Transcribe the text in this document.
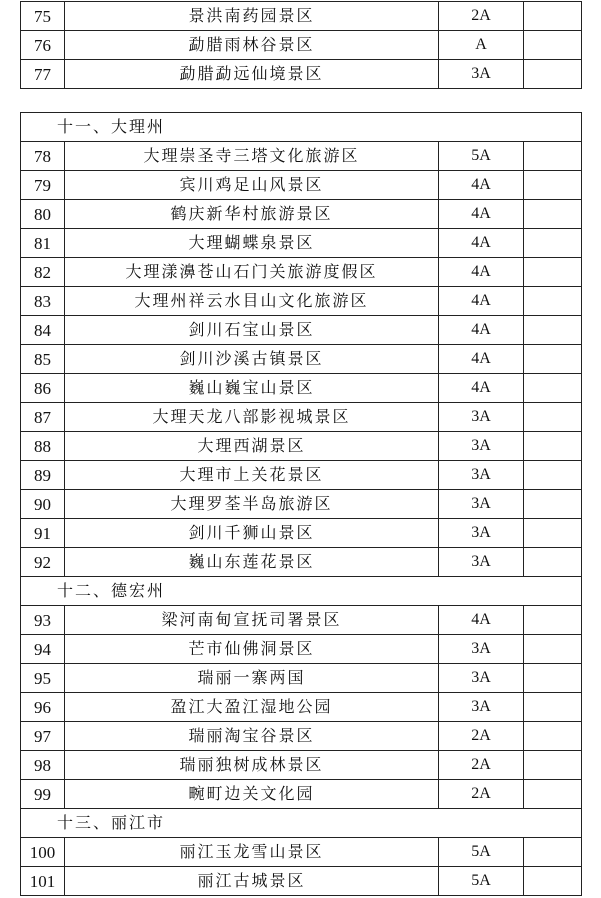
75	景洪南药园景区	2A	
76	勐腊雨林谷景区	A	
77	勐腊勐远仙境景区	3A	
十一、大理州			
78	大理崇圣寺三塔文化旅游区	5A	
79	宾川鸡足山风景区	4A	
80	鹤庆新华村旅游景区	4A	
81	大理蝴蝶泉景区	4A	
82	大理漾濞苍山石门关旅游度假区	4A	
83	大理州祥云水目山文化旅游区	4A	
84	剑川石宝山景区	4A	
85	剑川沙溪古镇景区	4A	
86	巍山巍宝山景区	4A	
87	大理天龙八部影视城景区	3A	
88	大理西湖景区	3A	
89	大理市上关花景区	3A	
90	大理罗荃半岛旅游区	3A	
91	剑川千狮山景区	3A	
92	巍山东莲花景区	3A	
十二、德宏州			
93	梁河南甸宣抚司署景区	4A	
94	芒市仙佛洞景区	3A	
95	瑞丽一寨两国	3A	
96	盈江大盈江湿地公园	3A	
97	瑞丽淘宝谷景区	2A	
98	瑞丽独树成林景区	2A	
99	畹町边关文化园	2A	
十三、丽江市			
100	丽江玉龙雪山景区	5A	
101	丽江古城景区	5A	
